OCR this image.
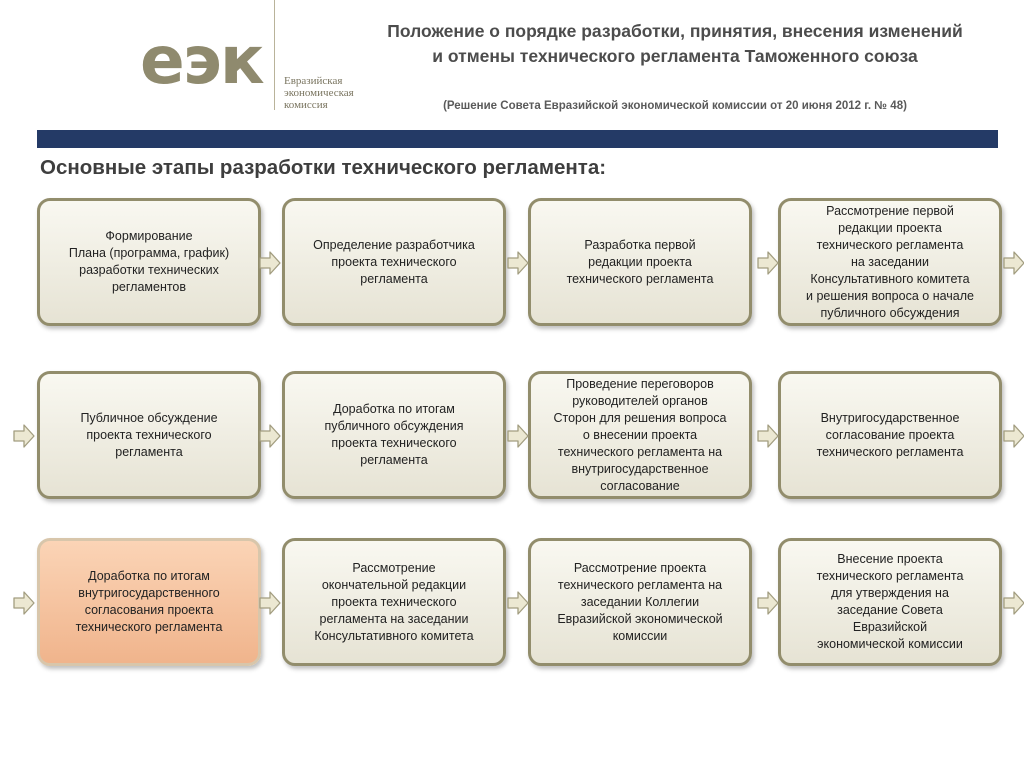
еэк Евразийская
экономическая
комиссия
Положение о порядке разработки, принятия, внесения изменений
и отмены технического регламента Таможенного союза
(Решение Совета Евразийской экономической комиссии от 20 июня 2012 г. № 48)
Основные этапы разработки технического регламента:
Формирование
Плана (программа, график)
разработки технических
регламентов
Определение разработчика
проекта технического
регламента
Разработка первой
редакции проекта
технического регламента
Рассмотрение первой
редакции проекта
технического регламента
на заседании
Консультативного комитета
и решения вопроса о начале
публичного обсуждения
Публичное обсуждение
проекта технического
регламента
Доработка по итогам
публичного обсуждения
проекта технического
регламента
Проведение переговоров
руководителей органов
Сторон для решения вопроса
о внесении проекта
технического регламента на
внутригосударственное
согласование
Внутригосударственное
согласование проекта
технического регламента
Доработка по итогам
внутригосударственного
согласования проекта
технического регламента
Рассмотрение
окончательной редакции
проекта технического
регламента на заседании
Консультативного комитета
Рассмотрение проекта
технического регламента на
заседании Коллегии
Евразийской экономической
комиссии
Внесение проекта
технического регламента
для утверждения на
заседание Совета
Евразийской
экономической комиссии
